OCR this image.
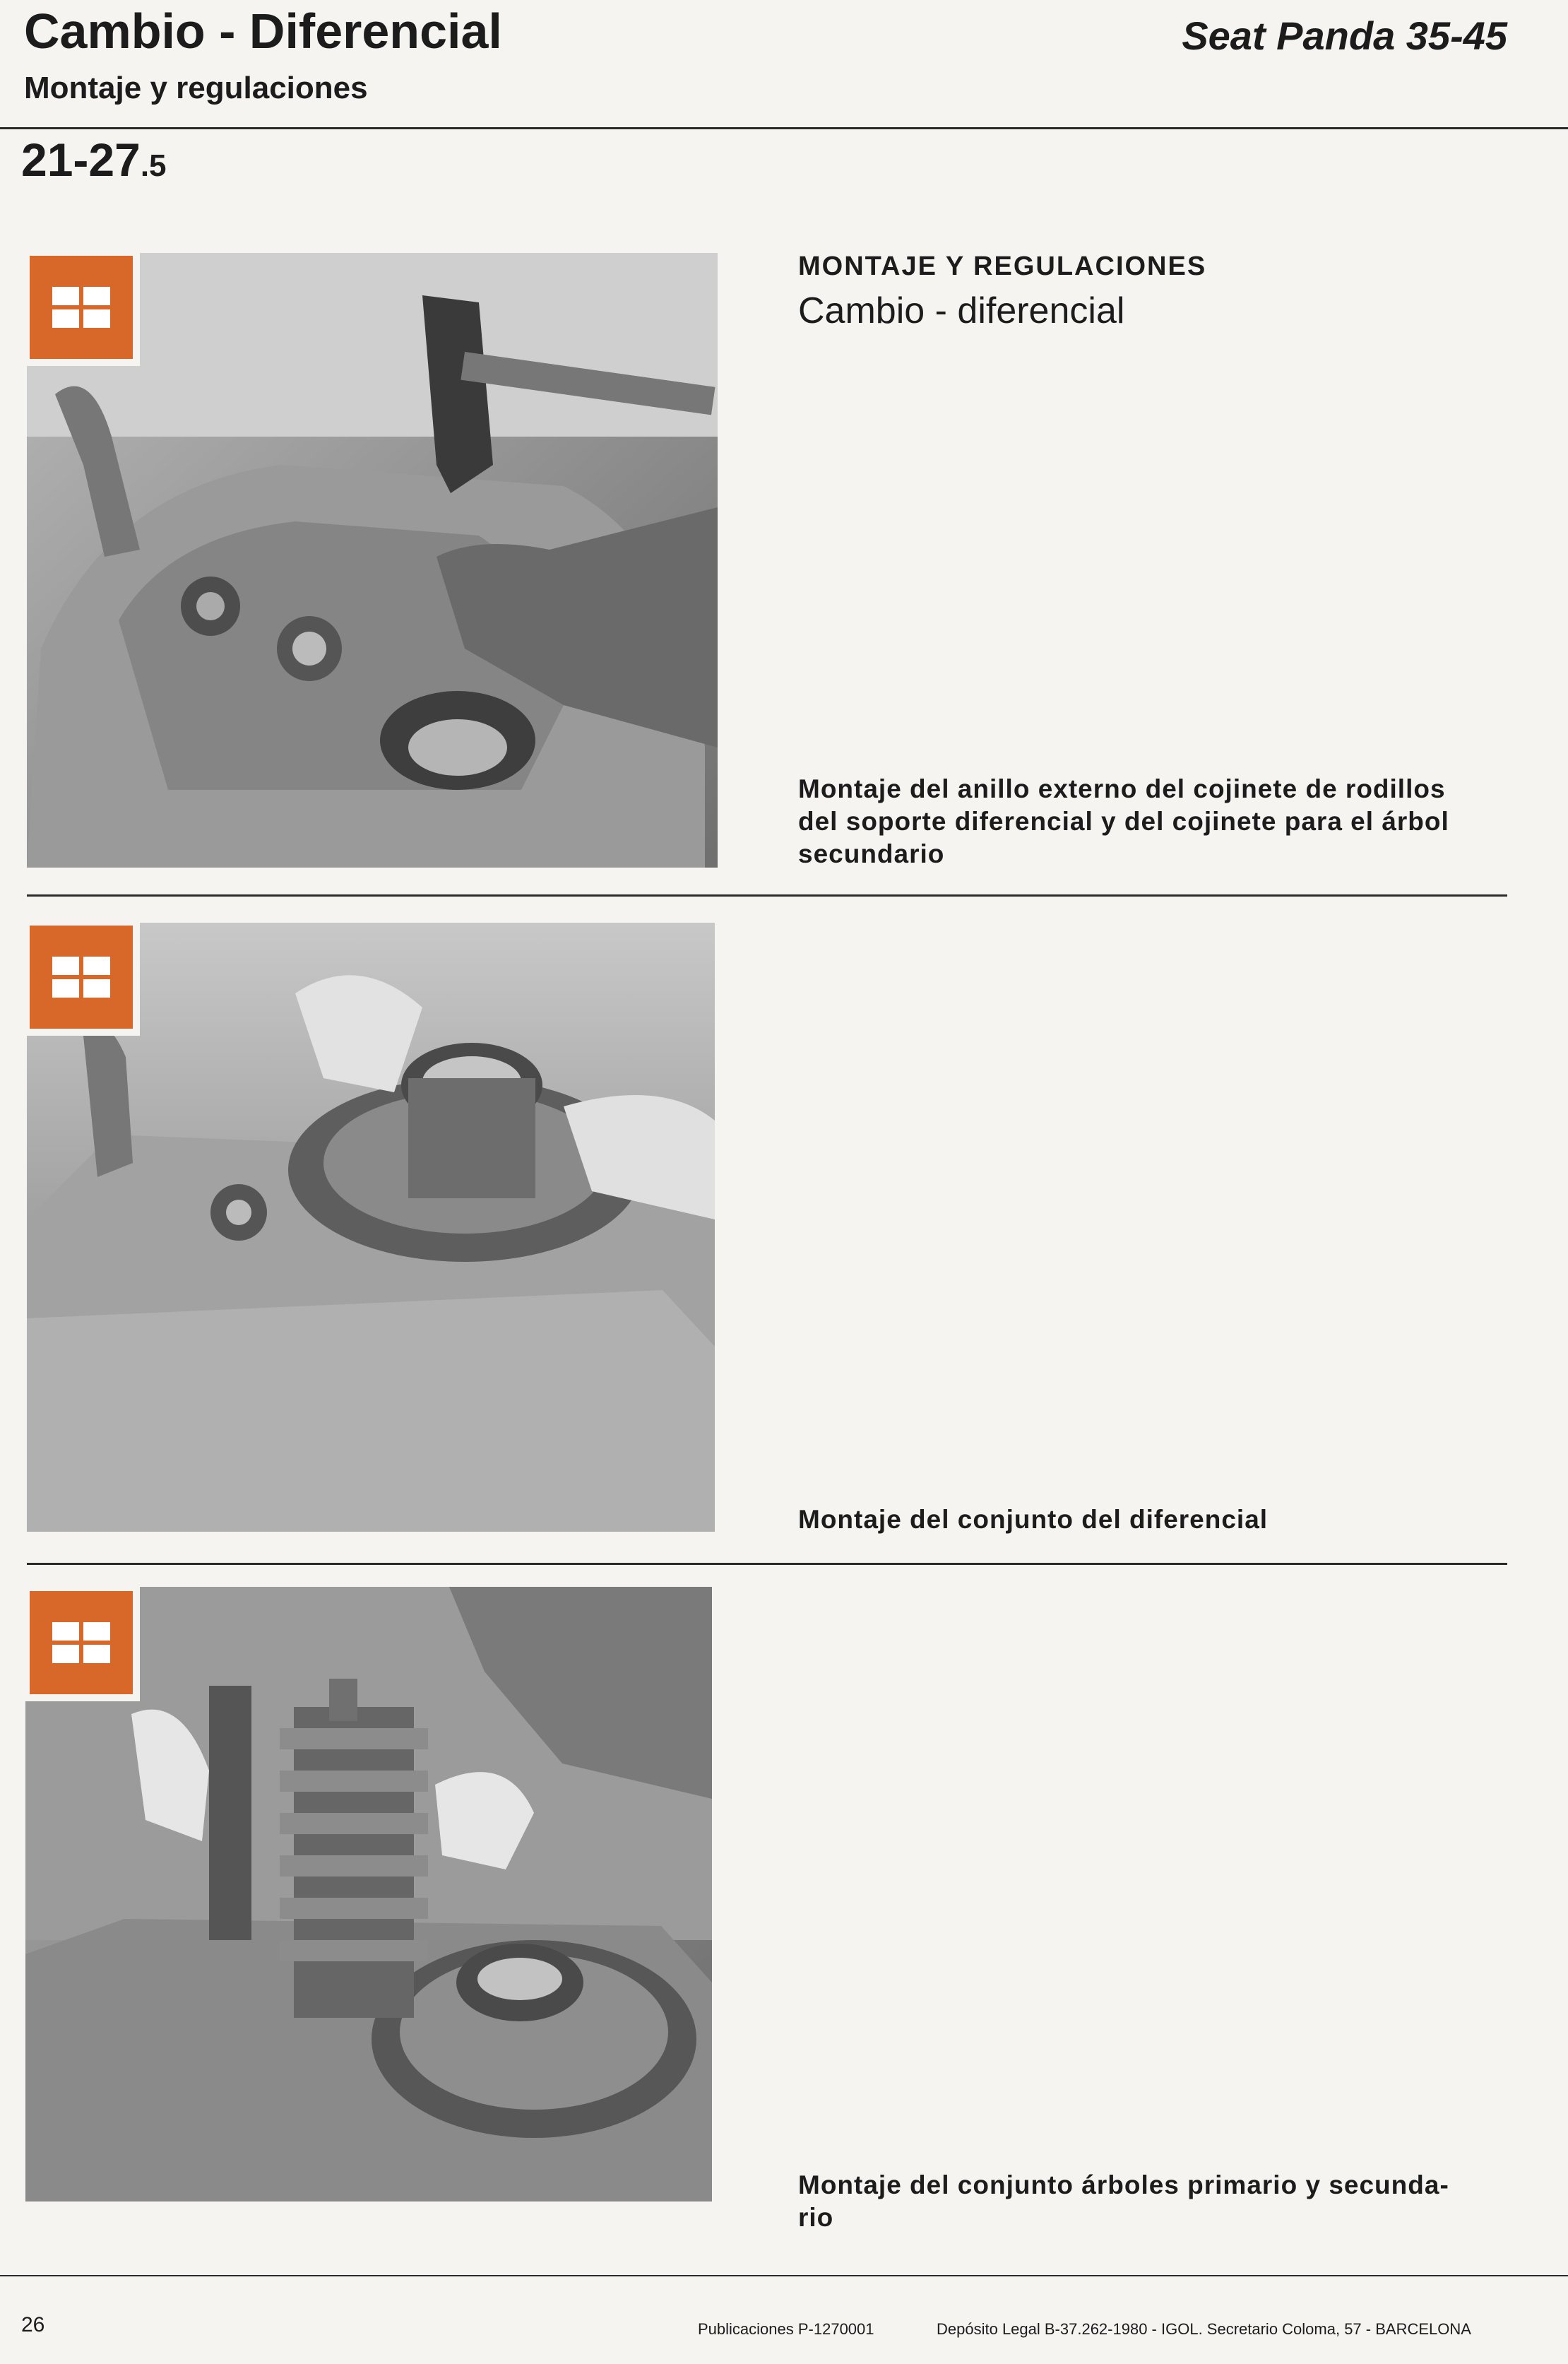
Cambio - Diferencial
Montaje y regulaciones
Seat Panda 35-45
21-27.5
MONTAJE Y REGULACIONES
Cambio - diferencial
Montaje del anillo externo del cojinete de rodillos
del soporte diferencial y del cojinete para el árbol
secundario
Montaje del conjunto del diferencial
Montaje del conjunto árboles primario y secunda-
rio
26	Publicaciones P-1270001	Depósito Legal B-37.262-1980 - IGOL. Secretario Coloma, 57 - BARCELONA
